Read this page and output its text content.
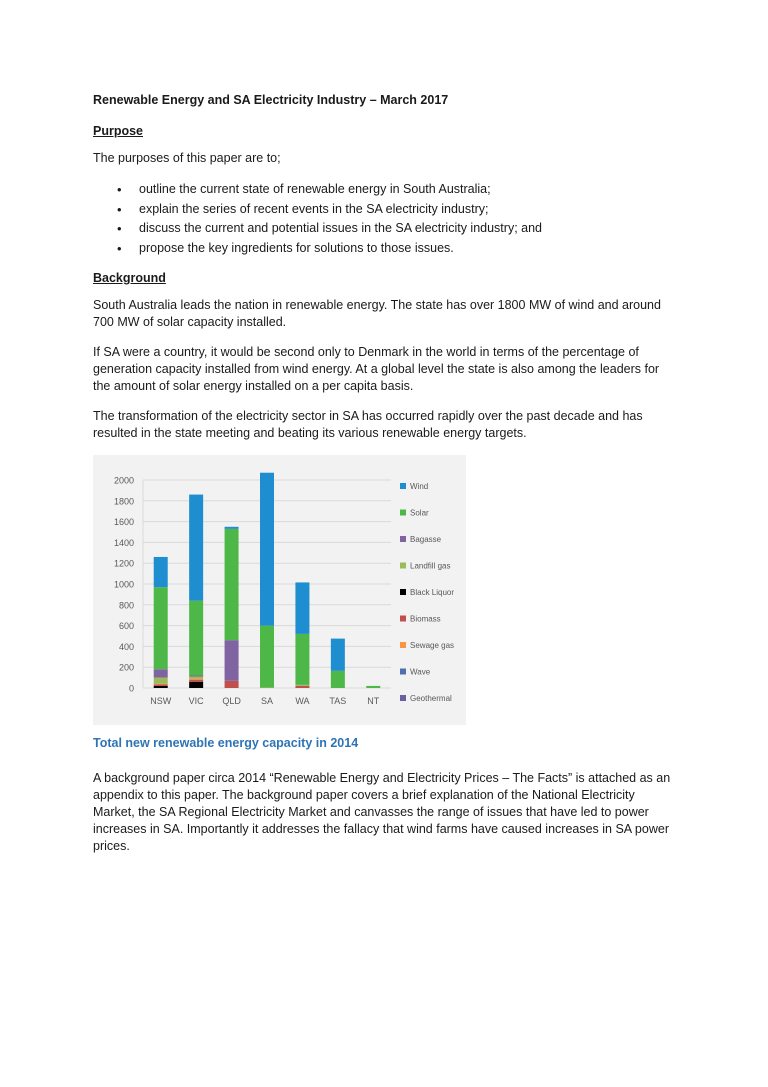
Renewable Energy and SA Electricity Industry – March 2017
Purpose

The purposes of this paper are to;

• outline the current state of renewable energy in South Australia;
• explain the series of recent events in the SA electricity industry;
• discuss the current and potential issues in the SA electricity industry; and
• propose the key ingredients for solutions to those issues.
Background

South Australia leads the nation in renewable energy. The state has over 1800 MW of wind and around 700 MW of solar capacity installed.

If SA were a country, it would be second only to Denmark in the world in terms of the percentage of generation capacity installed from wind energy. At a global level the state is also among the leaders for the amount of solar energy installed on a per capita basis.

The transformation of the electricity sector in SA has occurred rapidly over the past decade and has resulted in the state meeting and beating its various renewable energy targets.

0
200
400
600
800
1000
1200
1400
1600
1800
2000
NSW VIC QLD SA WA TAS NT
Wind
Solar
Bagasse
Landfill gas
Black Liquor
Biomass
Sewage gas
Wave
Geothermal
Total new renewable energy capacity in 2014

A background paper circa 2014 “Renewable Energy and Electricity Prices – The Facts” is attached as an appendix to this paper. The background paper covers a brief explanation of the National Electricity Market, the SA Regional Electricity Market and canvasses the range of issues that have led to power increases in SA. Importantly it addresses the fallacy that wind farms have caused increases in SA power prices.
